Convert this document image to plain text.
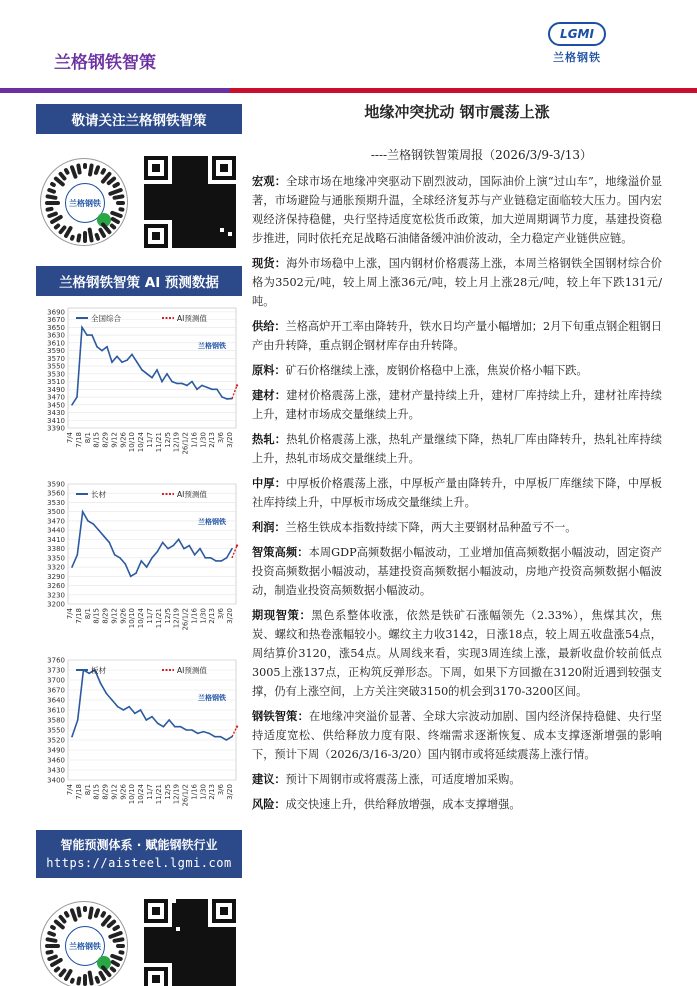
兰格钢铁智策
LGMI
兰格钢铁
敬请关注兰格钢铁智策
兰格钢铁
兰格钢铁智策 AI 预测数据
3390
3410
3430
3450
3470
3490
3510
3530
3550
3570
3590
3610
3630
3650
3670
3690
7/4 7/18 8/1 8/15 8/29 9/12 9/26 10/10 10/24 11/7 11/21 12/5 12/19 26/1/2 1/16 1/30 2/13 3/6 3/20
全国综合	AI预测值
兰格钢铁
3200
3230
3260
3290
3320
3350
3380
3410
3440
3470
3500
3530
3560
3590
7/4 7/18 8/1 8/15 8/29 9/12 9/26 10/10 10/24 11/7 11/21 12/5 12/19 26/1/2 1/16 1/30 2/13 3/6 3/20
长材	AI预测值
兰格钢铁
3400
3430
3460
3490
3520
3550
3580
3610
3640
3670
3700
3730
3760
7/4 7/18 8/1 8/15 8/29 9/12 9/26 10/10 10/24 11/7 11/21 12/5 12/19 26/1/2 1/16 1/30 2/13 3/6 3/20
板材	AI预测值
兰格钢铁
智能预测体系 · 赋能钢铁行业
https://aisteel.lgmi.com
兰格钢铁
地缘冲突扰动 钢市震荡上涨
----兰格钢铁智策周报（2026/3/9-3/13）
宏观：全球市场在地缘冲突驱动下剧烈波动，国际油价上演“过山车”，地缘溢价显著，市场避险与通胀预期升温，全球经济复苏与产业链稳定面临较大压力。国内宏观经济保持稳健，央行坚持适度宽松货币政策，加大逆周期调节力度，基建投资稳步推进，同时依托充足战略石油储备缓冲油价波动，全力稳定产业链供应链。
现货：海外市场稳中上涨，国内钢材价格震荡上涨，本周兰格钢铁全国钢材综合价格为3502元/吨，较上周上涨36元/吨，较上月上涨28元/吨，较上年下跌131元/吨。
供给：兰格高炉开工率由降转升，铁水日均产量小幅增加；2月下旬重点钢企粗钢日产由升转降，重点钢企钢材库存由升转降。
原料：矿石价格继续上涨，废钢价格稳中上涨，焦炭价格小幅下跌。
建材：建材价格震荡上涨，建材产量持续上升，建材厂库持续上升，建材社库持续上升，建材市场成交量继续上升。
热轧：热轧价格震荡上涨，热轧产量继续下降，热轧厂库由降转升，热轧社库持续上升，热轧市场成交量继续上升。
中厚：中厚板价格震荡上涨，中厚板产量由降转升，中厚板厂库继续下降，中厚板社库持续上升，中厚板市场成交量继续上升。
利润：兰格生铁成本指数持续下降，两大主要钢材品种盈亏不一。
智策高频：本周GDP高频数据小幅波动，工业增加值高频数据小幅波动，固定资产投资高频数据小幅波动，基建投资高频数据小幅波动，房地产投资高频数据小幅波动，制造业投资高频数据小幅波动。
期现智策：黑色系整体收涨，依然是铁矿石涨幅领先（2.33%），焦煤其次，焦炭、螺纹和热卷涨幅较小。螺纹主力收3142，日涨18点，较上周五收盘涨54点，周结算价3120，涨54点。从周线来看，实现3周连续上涨，最新收盘价较前低点3005上涨137点，正构筑反弹形态。下周，如果下方回撤在3120附近遇到较强支撑，仍有上涨空间，上方关注突破3150的机会到3170-3200区间。
钢铁智策：在地缘冲突溢价显著、全球大宗波动加剧、国内经济保持稳健、央行坚持适度宽松、供给释放力度有限、终端需求逐渐恢复、成本支撑逐渐增强的影响下，预计下周（2026/3/16-3/20）国内钢市或将延续震荡上涨行情。
建议：预计下周钢市或将震荡上涨，可适度增加采购。
风险：成交快速上升，供给释放增强，成本支撑增强。
